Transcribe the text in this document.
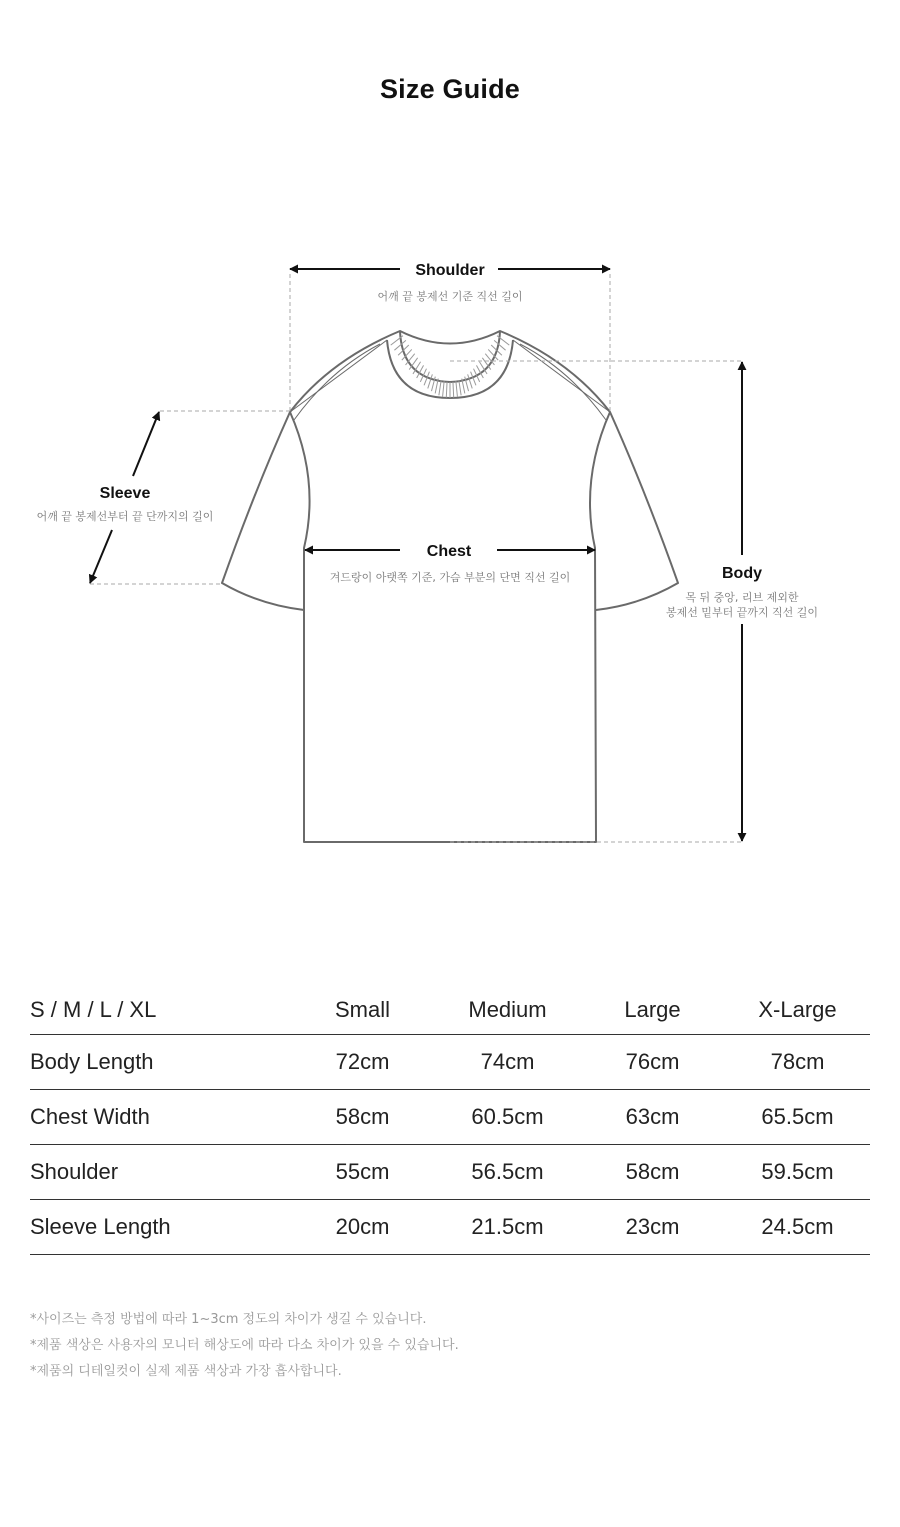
Size Guide
Shoulder
어깨 끝 봉제선 기준 직선 길이
Sleeve
어깨 끝 봉제선부터 끝 단까지의 길이
Chest
겨드랑이 아랫쪽 기준, 가슴 부분의 단면 직선 길이	Body
목 뒤 중앙, 리브 제외한
봉제선 밑부터 끝까지 직선 길이
S / M / L / XL	Small	Medium	Large	X-Large
Body Length	72cm	74cm	76cm	78cm
Chest Width	58cm	60.5cm	63cm	65.5cm
Shoulder	55cm	56.5cm	58cm	59.5cm
Sleeve Length	20cm	21.5cm	23cm	24.5cm
*사이즈는 측정 방법에 따라 1~3cm 정도의 차이가 생길 수 있습니다.
*제품 색상은 사용자의 모니터 해상도에 따라 다소 차이가 있을 수 있습니다.
*제품의 디테일컷이 실제 제품 색상과 가장 흡사합니다.
